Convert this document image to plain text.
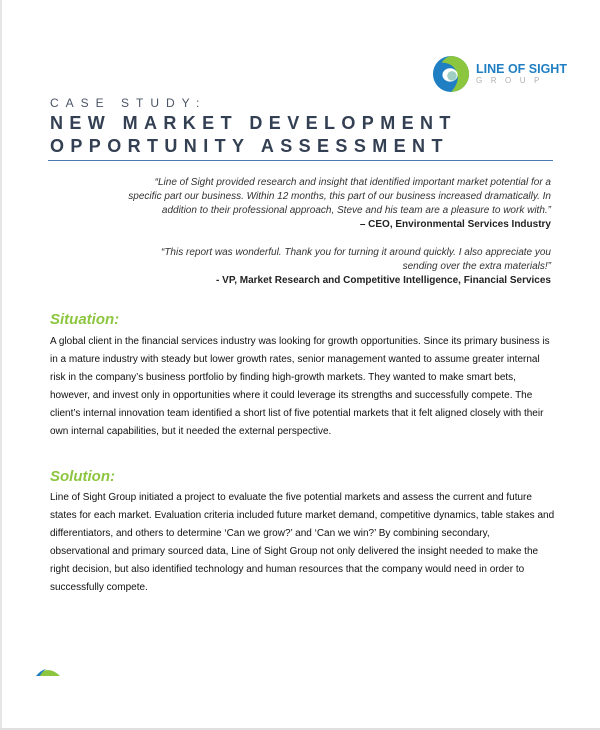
LINE OF SIGHT
GROUP
CASE STUDY:
NEW MARKET DEVELOPMENT
OPPORTUNITY ASSESSMENT
“Line of Sight provided research and insight that identified important market potential for a
specific part our business. Within 12 months, this part of our business increased dramatically. In
addition to their professional approach, Steve and his team are a pleasure to work with.”
– CEO, Environmental Services Industry
“This report was wonderful. Thank you for turning it around quickly. I also appreciate you
sending over the extra materials!”
- VP, Market Research and Competitive Intelligence, Financial Services
Situation:
A global client in the financial services industry was looking for growth opportunities. Since its primary business is
in a mature industry with steady but lower growth rates, senior management wanted to assume greater internal
risk in the company’s business portfolio by finding high-growth markets. They wanted to make smart bets,
however, and invest only in opportunities where it could leverage its strengths and successfully compete. The
client’s internal innovation team identified a short list of five potential markets that it felt aligned closely with their
own internal capabilities, but it needed the external perspective.
Solution:
Line of Sight Group initiated a project to evaluate the five potential markets and assess the current and future
states for each market. Evaluation criteria included future market demand, competitive dynamics, table stakes and
differentiators, and others to determine ‘Can we grow?’ and ‘Can we win?’ By combining secondary,
observational and primary sourced data, Line of Sight Group not only delivered the insight needed to make the
right decision, but also identified technology and human resources that the company would need in order to
successfully compete.
